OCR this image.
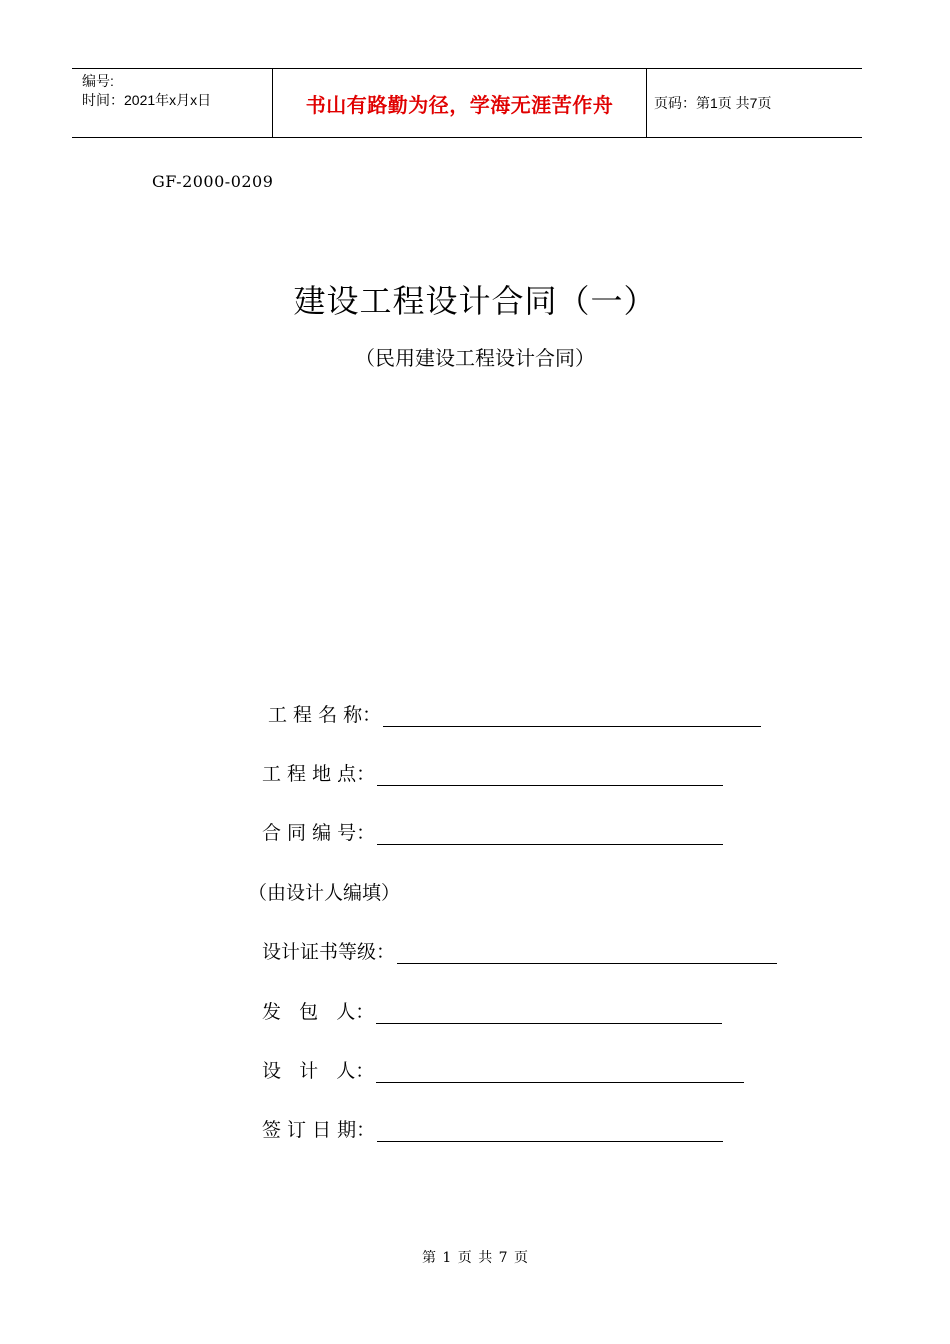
编号:
时间：2021年x月x日	书山有路勤为径，学海无涯苦作舟	页码：第1页 共7页
GF-2000-0209
建设工程设计合同（一）
（民用建设工程设计合同）
工 程 名 称：
工 程 地 点：
合 同 编 号：
（由设计人编填）
设计证书等级：
发   包   人：
设   计   人：
签 订 日 期：
第 1 页 共 7 页
